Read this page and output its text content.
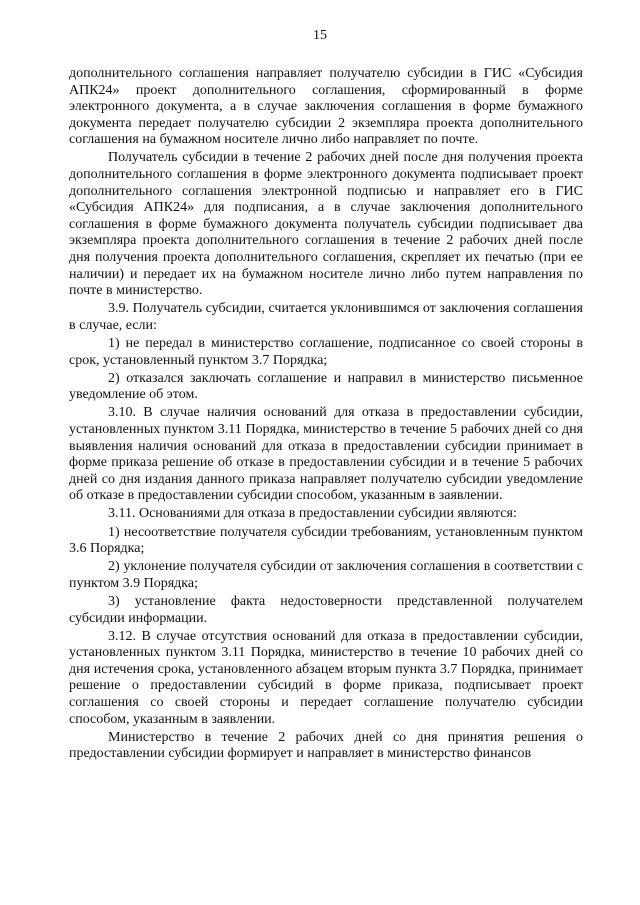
15

дополнительного соглашения направляет получателю субсидии в ГИС «Субсидия АПК24» проект дополнительного соглашения, сформированный в форме электронного документа, а в случае заключения соглашения в форме бумажного документа передает получателю субсидии 2 экземпляра проекта дополнительного соглашения на бумажном носителе лично либо направляет по почте.

Получатель субсидии в течение 2 рабочих дней после дня получения проекта дополнительного соглашения в форме электронного документа подписывает проект дополнительного соглашения электронной подписью и направляет его в ГИС «Субсидия АПК24» для подписания, а в случае заключения дополнительного соглашения в форме бумажного документа получатель субсидии подписывает два экземпляра проекта дополнительного соглашения в течение 2 рабочих дней после дня получения проекта дополнительного соглашения, скрепляет их печатью (при ее наличии) и передает их на бумажном носителе лично либо путем направления по почте в министерство.

3.9. Получатель субсидии, считается уклонившимся от заключения соглашения в случае, если:

1) не передал в министерство соглашение, подписанное со своей стороны в срок, установленный пунктом 3.7 Порядка;

2) отказался заключать соглашение и направил в министерство письменное уведомление об этом.

3.10. В случае наличия оснований для отказа в предоставлении субсидии, установленных пунктом 3.11 Порядка, министерство в течение 5 рабочих дней со дня выявления наличия оснований для отказа в предоставлении субсидии принимает в форме приказа решение об отказе в предоставлении субсидии и в течение 5 рабочих дней со дня издания данного приказа направляет получателю субсидии уведомление об отказе в предоставлении субсидии способом, указанным в заявлении.

3.11. Основаниями для отказа в предоставлении субсидии являются:

1) несоответствие получателя субсидии требованиям, установленным пунктом 3.6 Порядка;

2) уклонение получателя субсидии от заключения соглашения в соответствии с пунктом 3.9 Порядка;

3) установление факта недостоверности представленной получателем субсидии информации.

3.12. В случае отсутствия оснований для отказа в предоставлении субсидии, установленных пунктом 3.11 Порядка, министерство в течение 10 рабочих дней со дня истечения срока, установленного абзацем вторым пункта 3.7 Порядка, принимает решение о предоставлении субсидий в форме приказа, подписывает проект соглашения со своей стороны и передает соглашение получателю субсидии способом, указанным в заявлении.

Министерство в течение 2 рабочих дней со дня принятия решения о предоставлении субсидии формирует и направляет в министерство финансов
